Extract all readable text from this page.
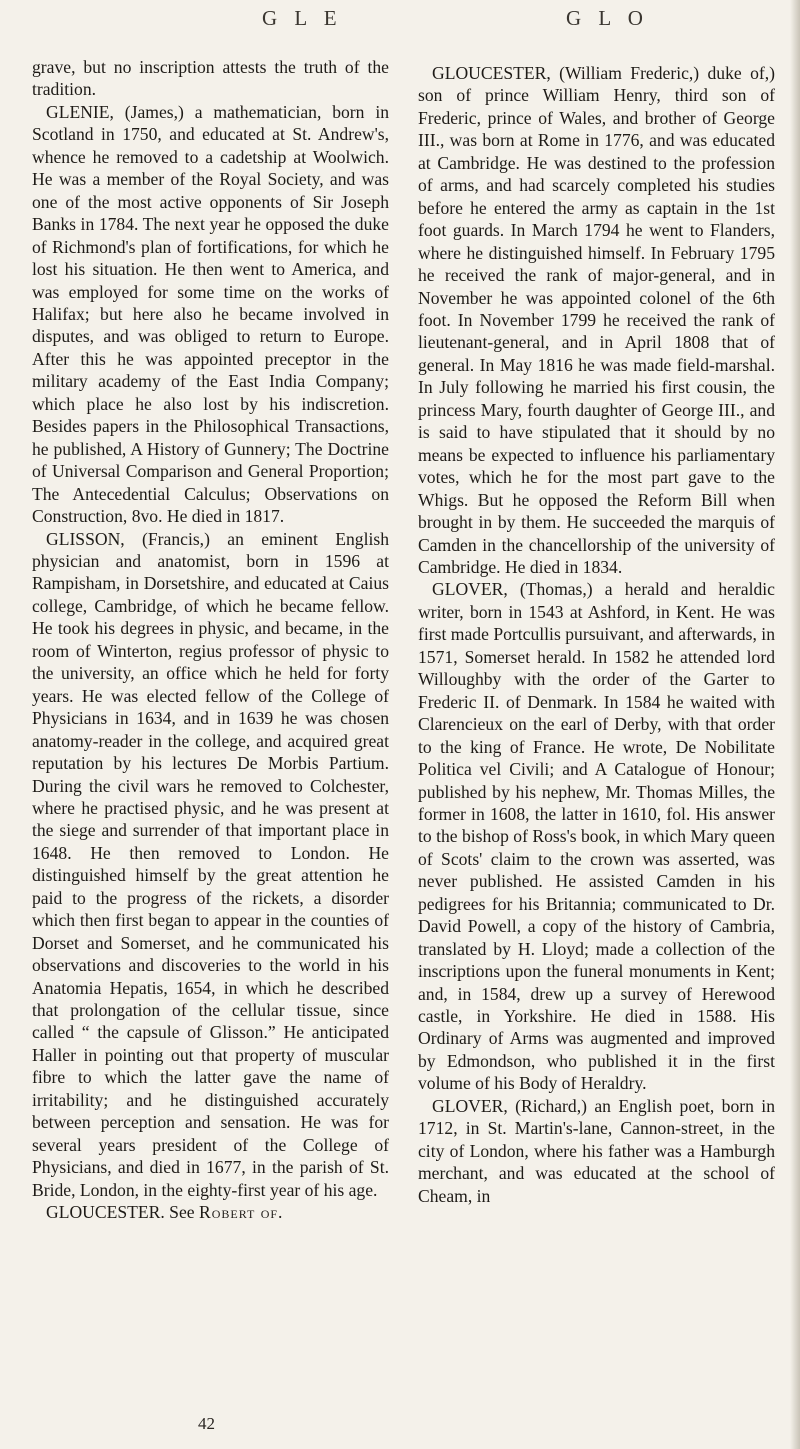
G L E	G L O

grave, but no inscription attests the truth of the tradition.

GLENIE, (James,) a mathematician, born in Scotland in 1750, and educated at St. Andrew's, whence he removed to a cadetship at Woolwich. He was a member of the Royal Society, and was one of the most active opponents of Sir Joseph Banks in 1784. The next year he opposed the duke of Richmond's plan of fortifications, for which he lost his situation. He then went to America, and was employed for some time on the works of Halifax; but here also he became involved in disputes, and was obliged to return to Europe. After this he was appointed preceptor in the military academy of the East India Company; which place he also lost by his indiscretion. Besides papers in the Philosophical Transactions, he published, A History of Gunnery; The Doctrine of Universal Comparison and General Proportion; The Antecedential Calculus; Observations on Construction, 8vo. He died in 1817.

GLISSON, (Francis,) an eminent English physician and anatomist, born in 1596 at Rampisham, in Dorsetshire, and educated at Caius college, Cambridge, of which he became fellow. He took his degrees in physic, and became, in the room of Winterton, regius professor of physic to the university, an office which he held for forty years. He was elected fellow of the College of Physicians in 1634, and in 1639 he was chosen anatomy-reader in the college, and acquired great reputation by his lectures De Morbis Partium. During the civil wars he removed to Colchester, where he practised physic, and he was present at the siege and surrender of that important place in 1648. He then removed to London. He distinguished himself by the great attention he paid to the progress of the rickets, a disorder which then first began to appear in the counties of Dorset and Somerset, and he communicated his observations and discoveries to the world in his Anatomia Hepatis, 1654, in which he described that prolongation of the cellular tissue, since called “ the capsule of Glisson.” He anticipated Haller in pointing out that property of muscular fibre to which the latter gave the name of irritability; and he distinguished accurately between perception and sensation. He was for several years president of the College of Physicians, and died in 1677, in the parish of St. Bride, London, in the eighty-first year of his age.

GLOUCESTER. See Robert of.

GLOUCESTER, (William Frederic,) duke of,) son of prince William Henry, third son of Frederic, prince of Wales, and brother of George III., was born at Rome in 1776, and was educated at Cambridge. He was destined to the profession of arms, and had scarcely completed his studies before he entered the army as captain in the 1st foot guards. In March 1794 he went to Flanders, where he distinguished himself. In February 1795 he received the rank of major-general, and in November he was appointed colonel of the 6th foot. In November 1799 he received the rank of lieutenant-general, and in April 1808 that of general. In May 1816 he was made field-marshal. In July following he married his first cousin, the princess Mary, fourth daughter of George III., and is said to have stipulated that it should by no means be expected to influence his parliamentary votes, which he for the most part gave to the Whigs. But he opposed the Reform Bill when brought in by them. He succeeded the marquis of Camden in the chancellorship of the university of Cambridge. He died in 1834.

GLOVER, (Thomas,) a herald and heraldic writer, born in 1543 at Ashford, in Kent. He was first made Portcullis pursuivant, and afterwards, in 1571, Somerset herald. In 1582 he attended lord Willoughby with the order of the Garter to Frederic II. of Denmark. In 1584 he waited with Clarencieux on the earl of Derby, with that order to the king of France. He wrote, De Nobilitate Politica vel Civili; and A Catalogue of Honour; published by his nephew, Mr. Thomas Milles, the former in 1608, the latter in 1610, fol. His answer to the bishop of Ross's book, in which Mary queen of Scots' claim to the crown was asserted, was never published. He assisted Camden in his pedigrees for his Britannia; communicated to Dr. David Powell, a copy of the history of Cambria, translated by H. Lloyd; made a collection of the inscriptions upon the funeral monuments in Kent; and, in 1584, drew up a survey of Herewood castle, in Yorkshire. He died in 1588. His Ordinary of Arms was augmented and improved by Edmondson, who published it in the first volume of his Body of Heraldry.

GLOVER, (Richard,) an English poet, born in 1712, in St. Martin's-lane, Cannon-street, in the city of London, where his father was a Hamburgh merchant, and was educated at the school of Cheam, in

42
